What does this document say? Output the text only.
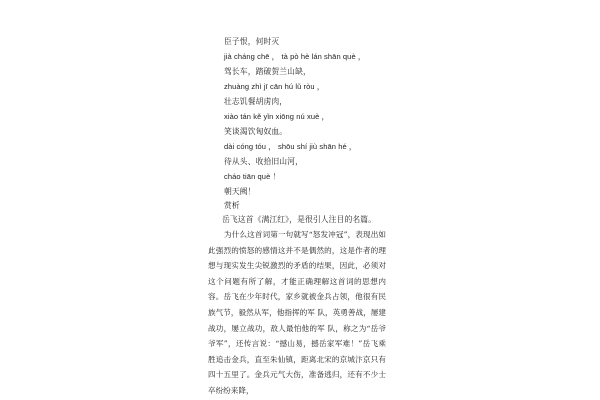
臣子恨，何时灭
jià cháng chē ， tà pò hè lán shān què ，
驾长车，踏破贺兰山缺，
zhuàng zhì jī cān hú lǔ ròu ，
壮志饥餐胡虏肉，
xiào tán kě yǐn xiōng nú xuè ，
笑谈渴饮匈奴血。
dài cóng tóu ， shōu shí jiù shān hé ，
待从头、收拾旧山河，
cháo tiān què ！
朝天阙！
赏析
岳飞这首《满江红》，是很引人注目的名篇。

为什么这首词第一句就写“怒发冲冠”，表现出如此强烈的愤怒的感情这并不是偶然的，这是作者的理想与现实发生尖锐激烈的矛盾的结果，因此，必须对这个问题有所了解，才能正确理解这首词的思想内容。岳飞在少年时代，家乡就被金兵占领，他很有民族气节，毅然从军，他指挥的军 队，英勇善战，屡建战功，屡立战功，敌人最怕他的军 队，称之为“岳爷爷军”，还传言说：“撼山易，撼岳家军难！”岳飞乘胜追击金兵，直至朱仙镇，距离北宋的京城汴京只有四十五里了。金兵元气大伤，准备逃归，还有不少士卒纷纷来降，
